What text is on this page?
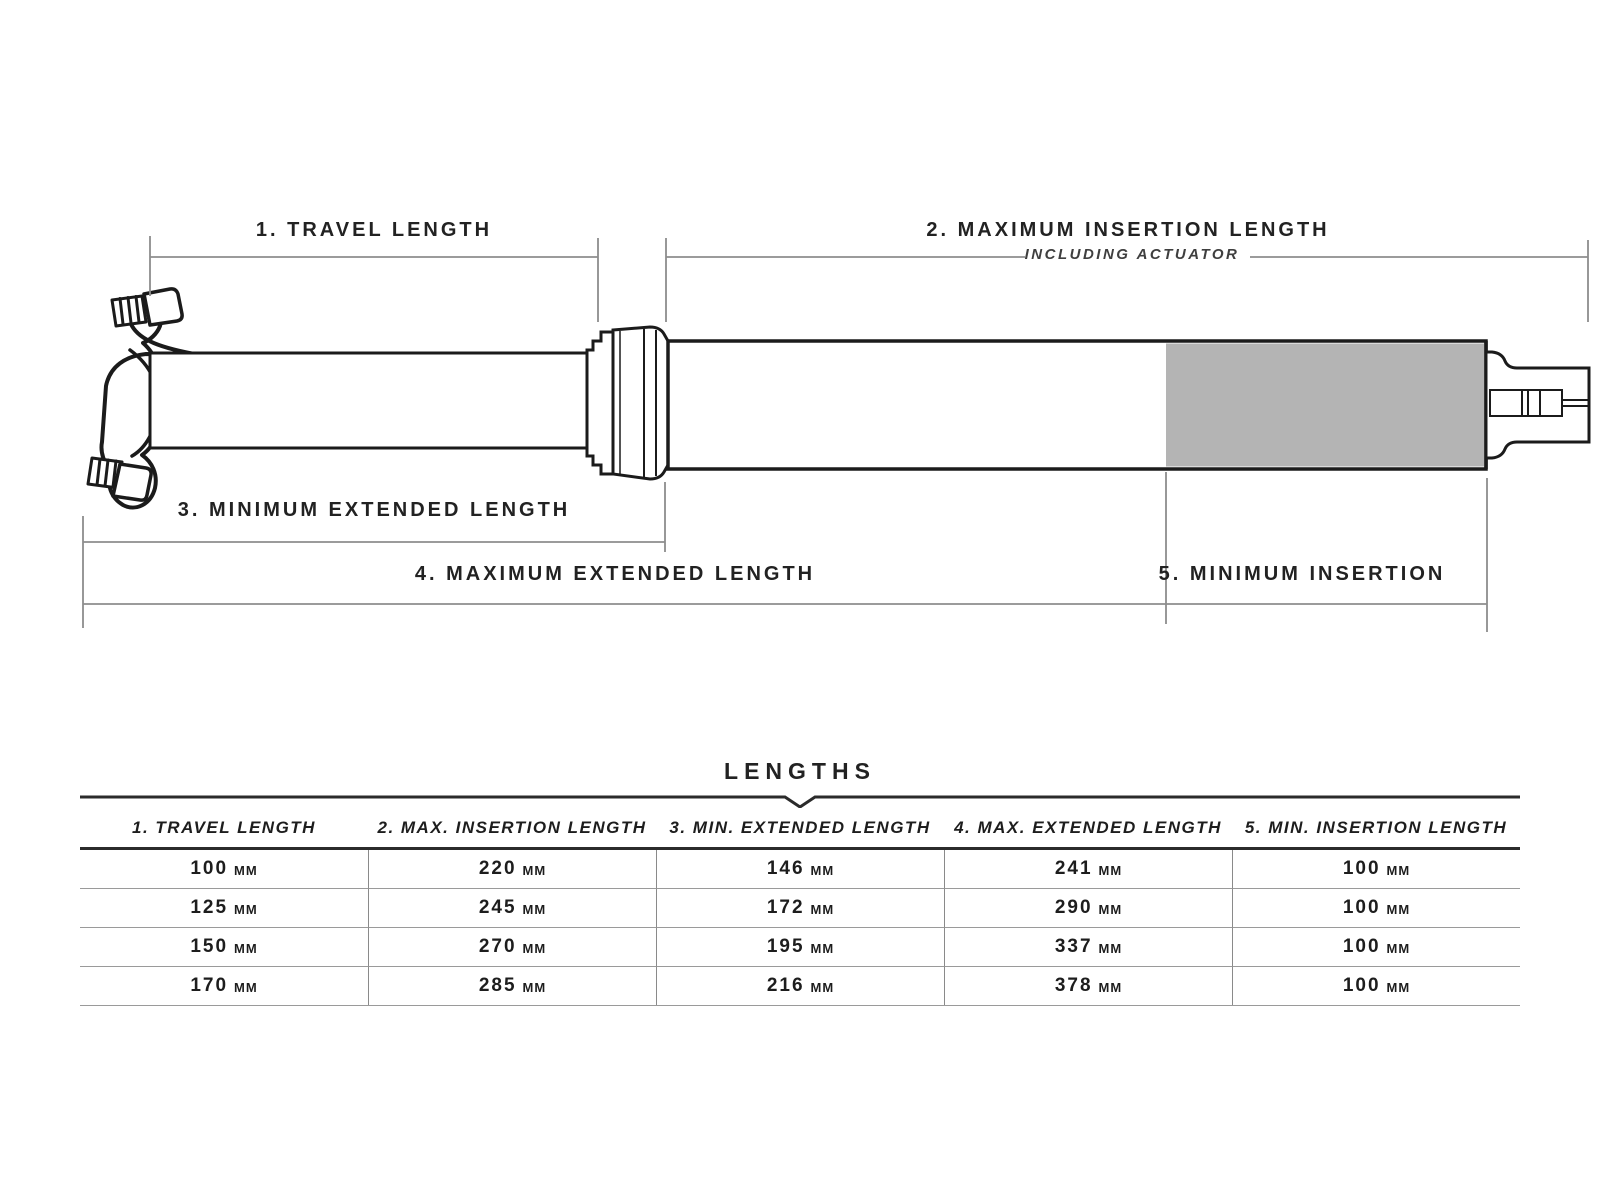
1. TRAVEL LENGTH	2. MAXIMUM INSERTION LENGTH
INCLUDING ACTUATOR
3. MINIMUM EXTENDED LENGTH
4. MAXIMUM EXTENDED LENGTH	5. MINIMUM INSERTION
LENGTHS
1. TRAVEL LENGTH	2. MAX. INSERTION LENGTH	3. MIN. EXTENDED LENGTH	4. MAX. EXTENDED LENGTH	5. MIN. INSERTION LENGTH
100 MM	220 MM	146 MM	241 MM	100 MM
125 MM	245 MM	172 MM	290 MM	100 MM
150 MM	270 MM	195 MM	337 MM	100 MM
170 MM	285 MM	216 MM	378 MM	100 MM
